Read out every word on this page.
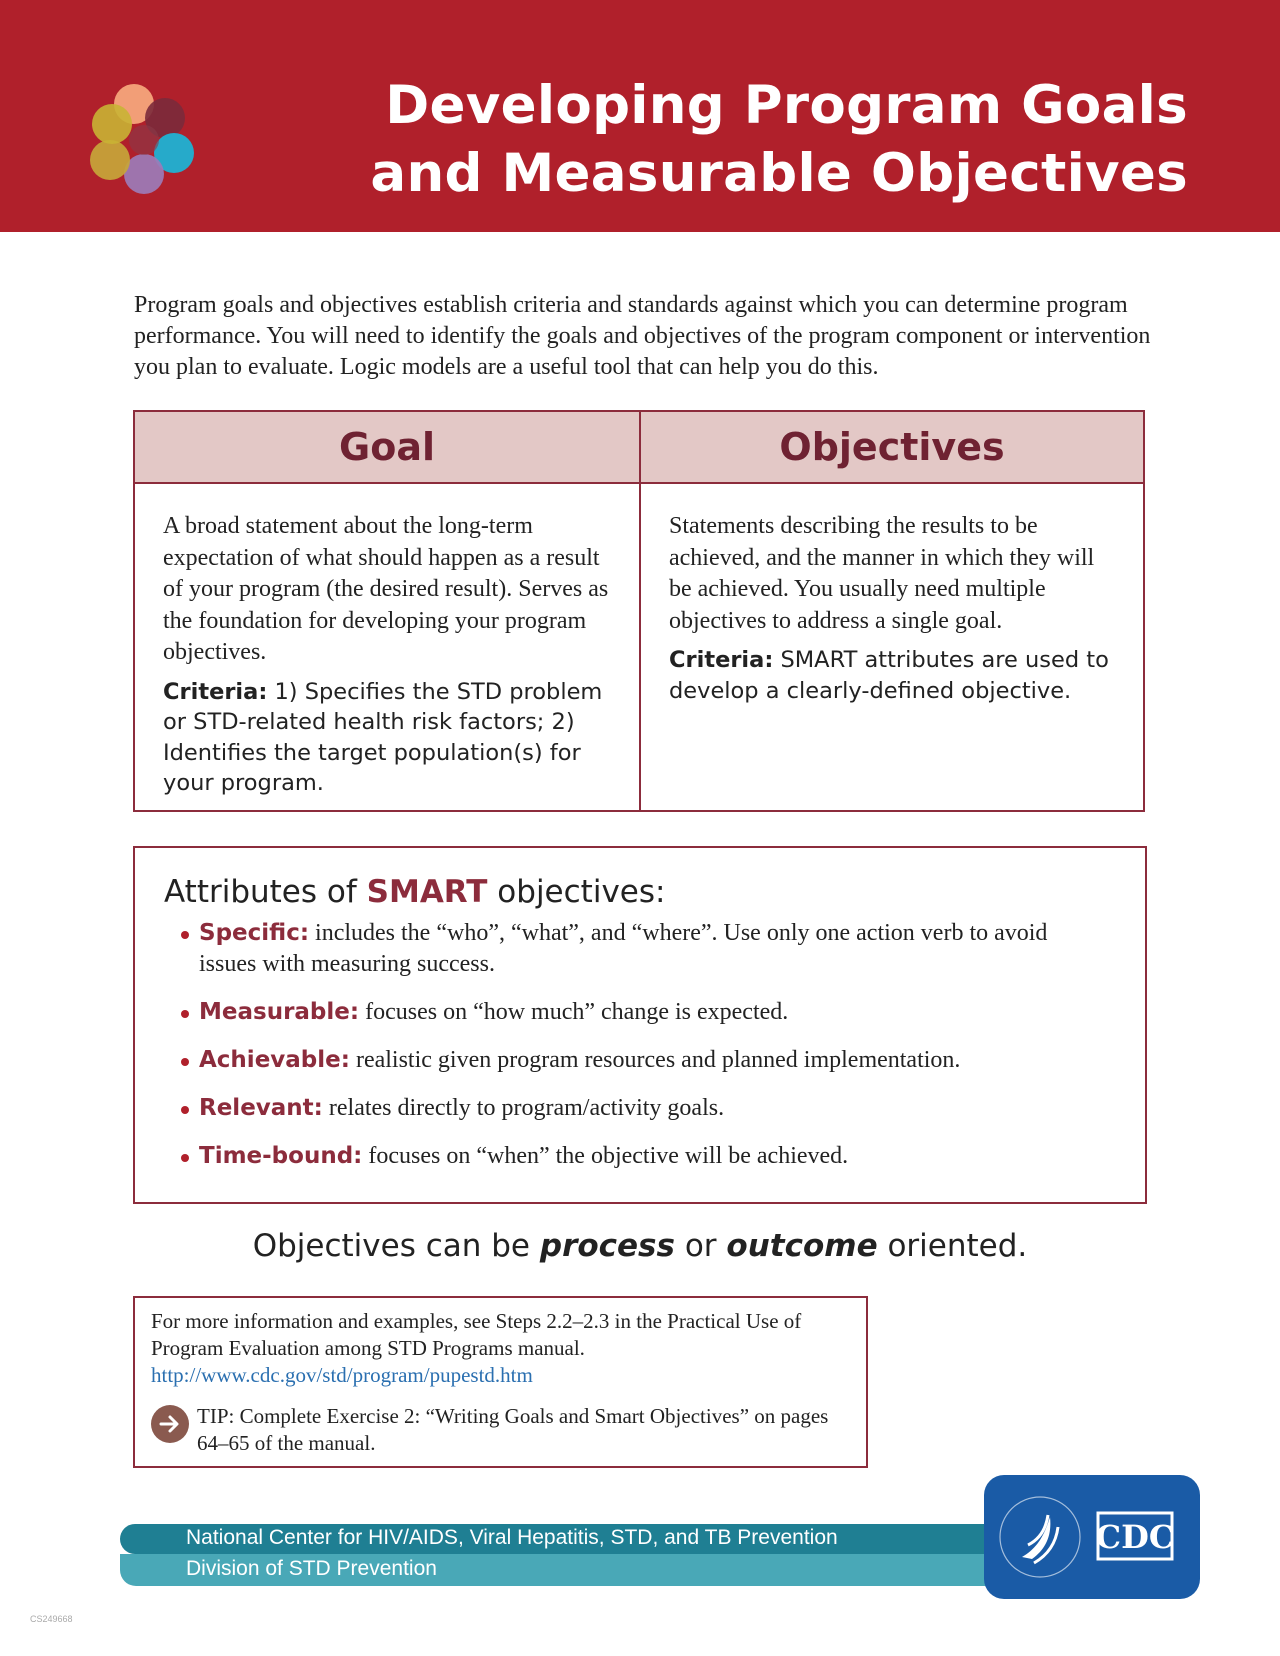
Developing Program Goals
and Measurable Objectives
Program goals and objectives establish criteria and standards against which you can determine program performance. You will need to identify the goals and objectives of the program component or intervention you plan to evaluate. Logic models are a useful tool that can help you do this.
Goal

A broad statement about the long-term expectation of what should happen as a result of your program (the desired result). Serves as the foundation for developing your program objectives.

Criteria: 1) Specifies the STD problem or STD-related health risk factors; 2) Identifies the target population(s) for your program.
Objectives

Statements describing the results to be achieved, and the manner in which they will be achieved. You usually need multiple objectives to address a single goal.

Criteria: SMART attributes are used to develop a clearly-defined objective.
Attributes of SMART objectives:
Specific: includes the “who”, “what”, and “where”. Use only one action verb to avoid issues with measuring success.
Measurable: focuses on “how much” change is expected.
Achievable: realistic given program resources and planned implementation.
Relevant: relates directly to program/activity goals.
Time-bound: focuses on “when” the objective will be achieved.
Objectives can be process or outcome oriented.

For more information and examples, see Steps 2.2–2.3 in the Practical Use of Program Evaluation among STD Programs manual.

http://www.cdc.gov/std/program/pupestd.htm

TIP: Complete Exercise 2: “Writing Goals and Smart Objectives” on pages 64–65 of the manual.

National Center for HIV/AIDS, Viral Hepatitis, STD, and TB Prevention
Division of STD Prevention
CDC
CS249668
